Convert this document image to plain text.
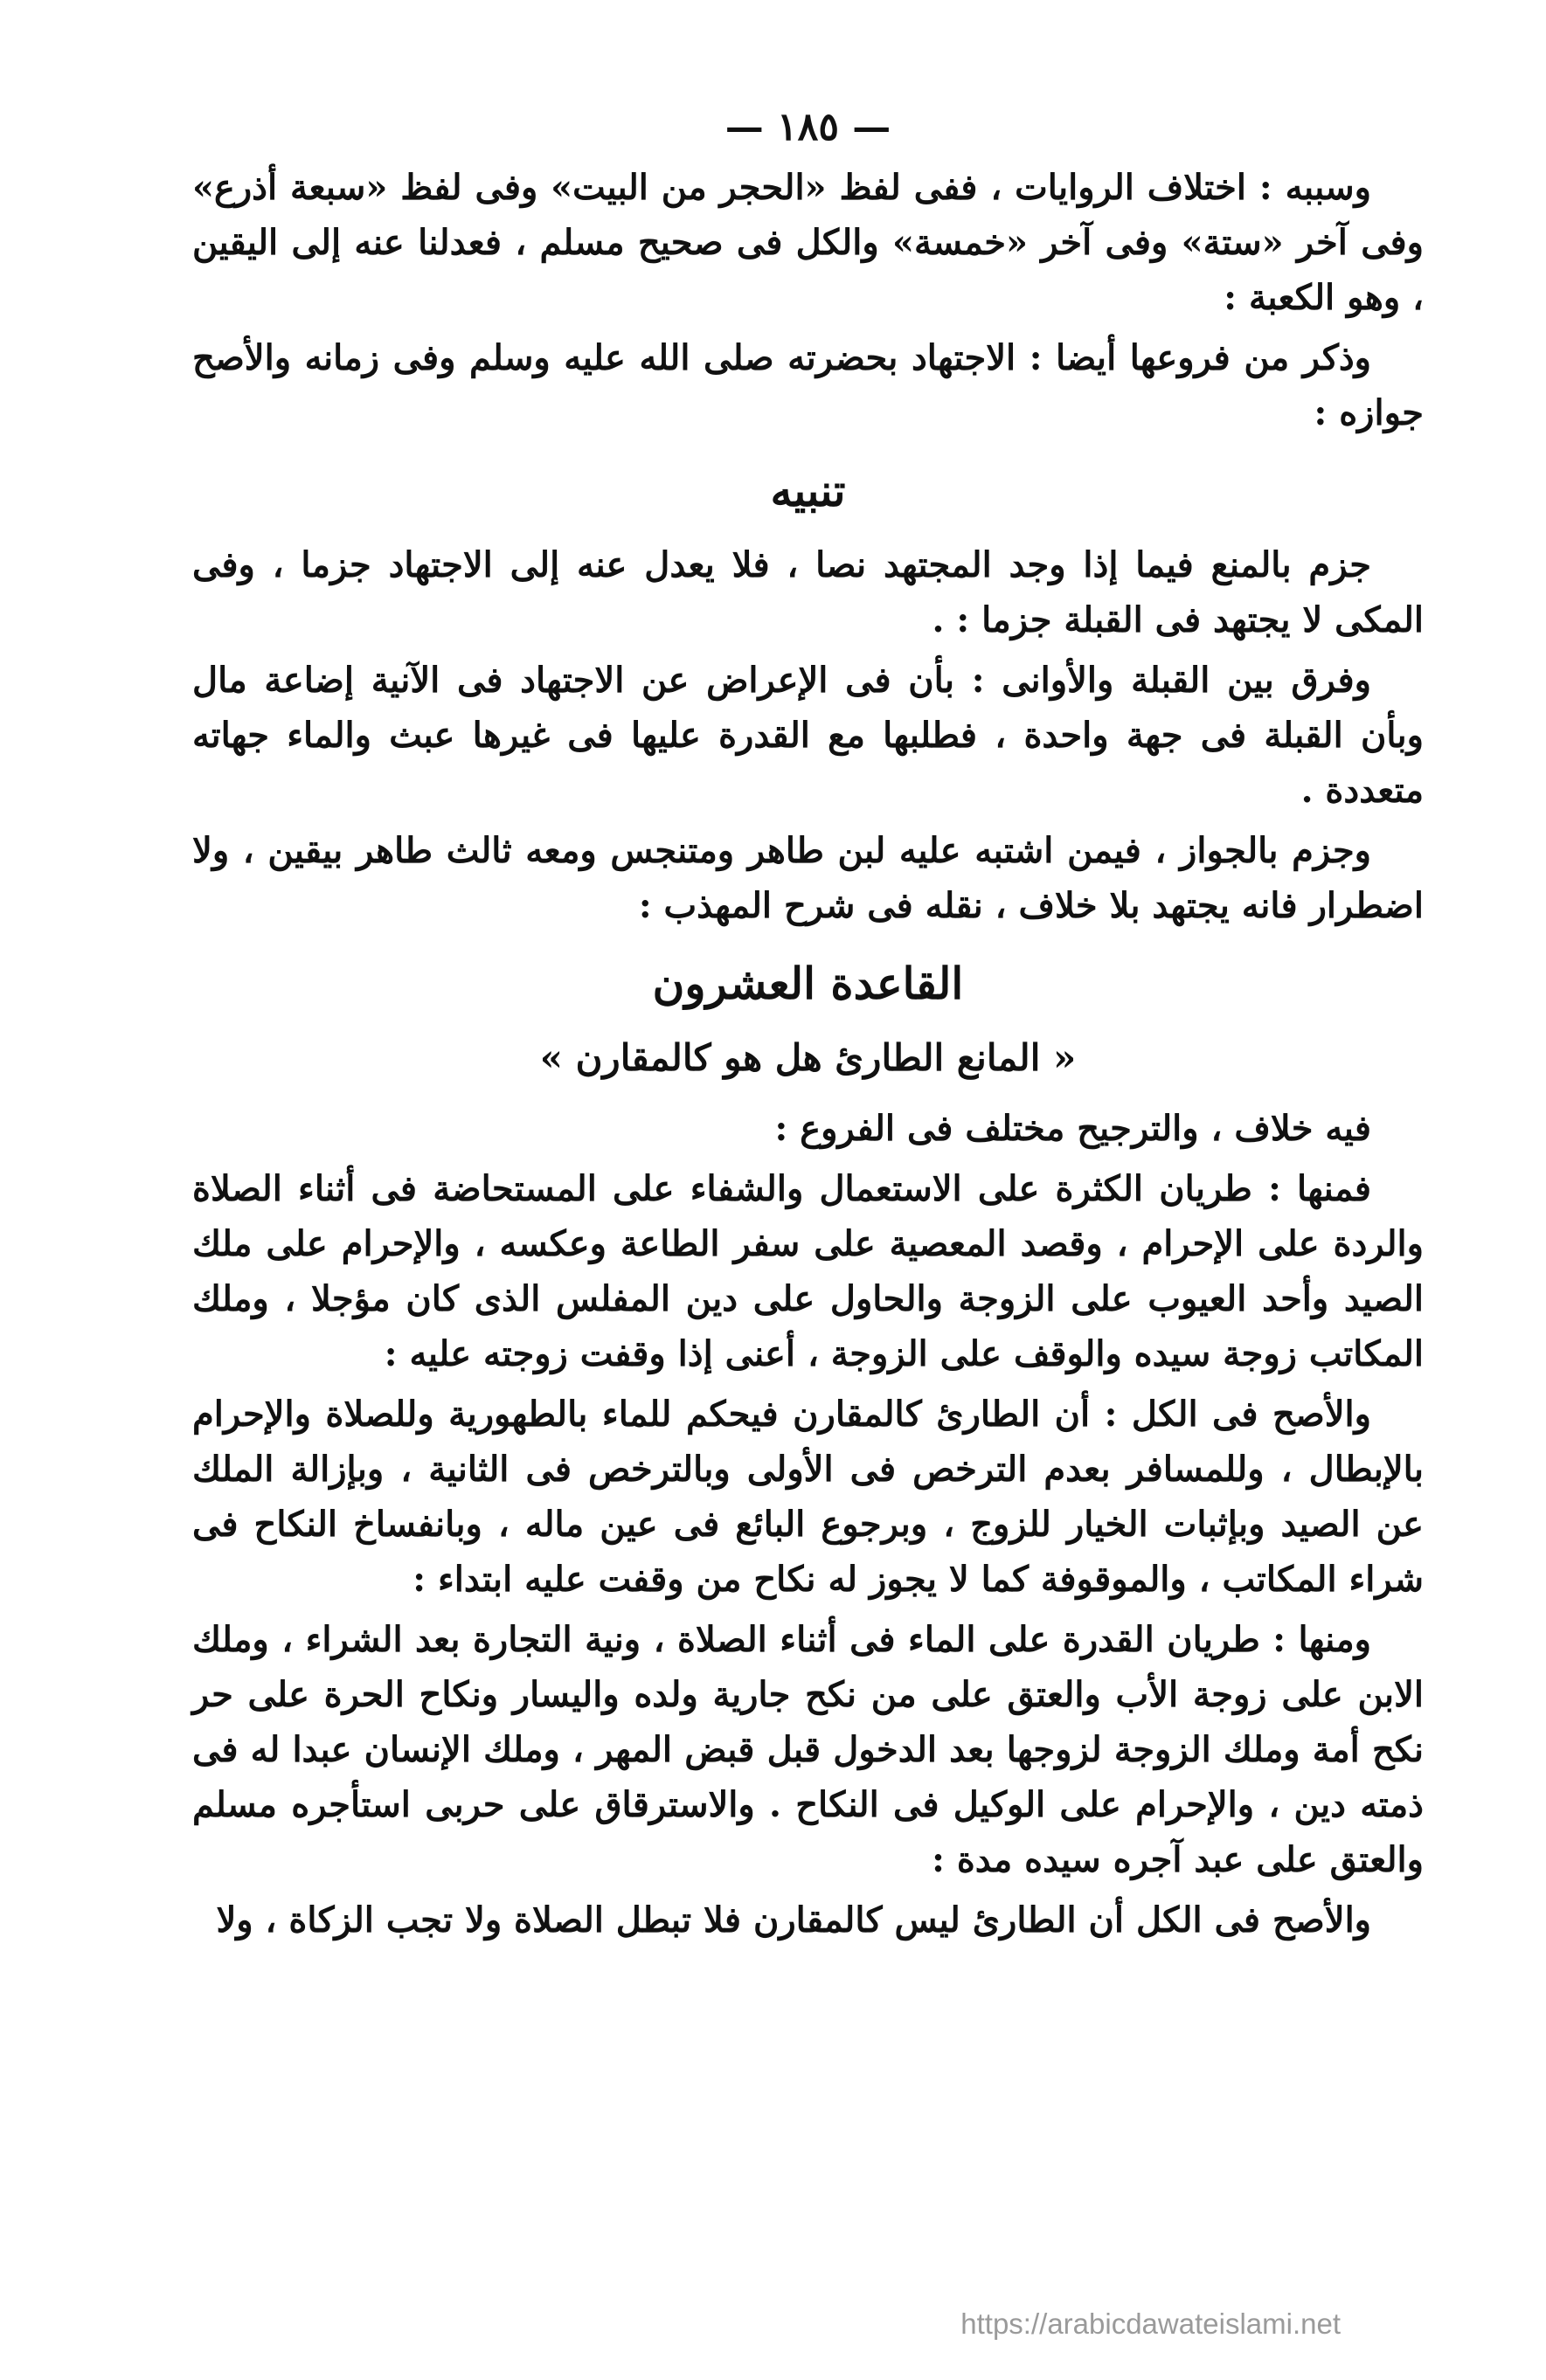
— ١٨٥ —

وسببه : اختلاف الروايات ، ففى لفظ «الحجر من البيت» وفى لفظ «سبعة أذرع» وفى آخر «ستة» وفى آخر «خمسة» والكل فى صحيح مسلم ، فعدلنا عنه إلى اليقين ، وهو الكعبة :

وذكر من فروعها أيضا : الاجتهاد بحضرته صلى الله عليه وسلم وفى زمانه والأصح جوازه :

تنبيه

جزم بالمنع فيما إذا وجد المجتهد نصا ، فلا يعدل عنه إلى الاجتهاد جزما ، وفى المكى لا يجتهد فى القبلة جزما : .

وفرق بين القبلة والأوانى : بأن فى الإعراض عن الاجتهاد فى الآنية إضاعة مال وبأن القبلة فى جهة واحدة ، فطلبها مع القدرة عليها فى غيرها عبث والماء جهاته متعددة .

وجزم بالجواز ، فيمن اشتبه عليه لبن طاهر ومتنجس ومعه ثالث طاهر بيقين ، ولا اضطرار فانه يجتهد بلا خلاف ، نقله فى شرح المهذب :

القاعدة العشرون
« المانع الطارئ هل هو كالمقارن »

فيه خلاف ، والترجيح مختلف فى الفروع :

فمنها : طريان الكثرة على الاستعمال والشفاء على المستحاضة فى أثناء الصلاة والردة على الإحرام ، وقصد المعصية على سفر الطاعة وعكسه ، والإحرام على ملك الصيد وأحد العيوب على الزوجة والحاول على دين المفلس الذى كان مؤجلا ، وملك المكاتب زوجة سيده والوقف على الزوجة ، أعنى إذا وقفت زوجته عليه :

والأصح فى الكل : أن الطارئ كالمقارن فيحكم للماء بالطهورية وللصلاة والإحرام بالإبطال ، وللمسافر بعدم الترخص فى الأولى وبالترخص فى الثانية ، وبإزالة الملك عن الصيد وبإثبات الخيار للزوج ، وبرجوع البائع فى عين ماله ، وبانفساخ النكاح فى شراء المكاتب ، والموقوفة كما لا يجوز له نكاح من وقفت عليه ابتداء :

ومنها : طريان القدرة على الماء فى أثناء الصلاة ، ونية التجارة بعد الشراء ، وملك الابن على زوجة الأب والعتق على من نكح جارية ولده واليسار ونكاح الحرة على حر نكح أمة وملك الزوجة لزوجها بعد الدخول قبل قبض المهر ، وملك الإنسان عبدا له فى ذمته دين ، والإحرام على الوكيل فى النكاح . والاسترقاق على حربى استأجره مسلم والعتق على عبد آجره سيده مدة :

والأصح فى الكل أن الطارئ ليس كالمقارن فلا تبطل الصلاة ولا تجب الزكاة ، ولا

https://arabicdawateislami.net
